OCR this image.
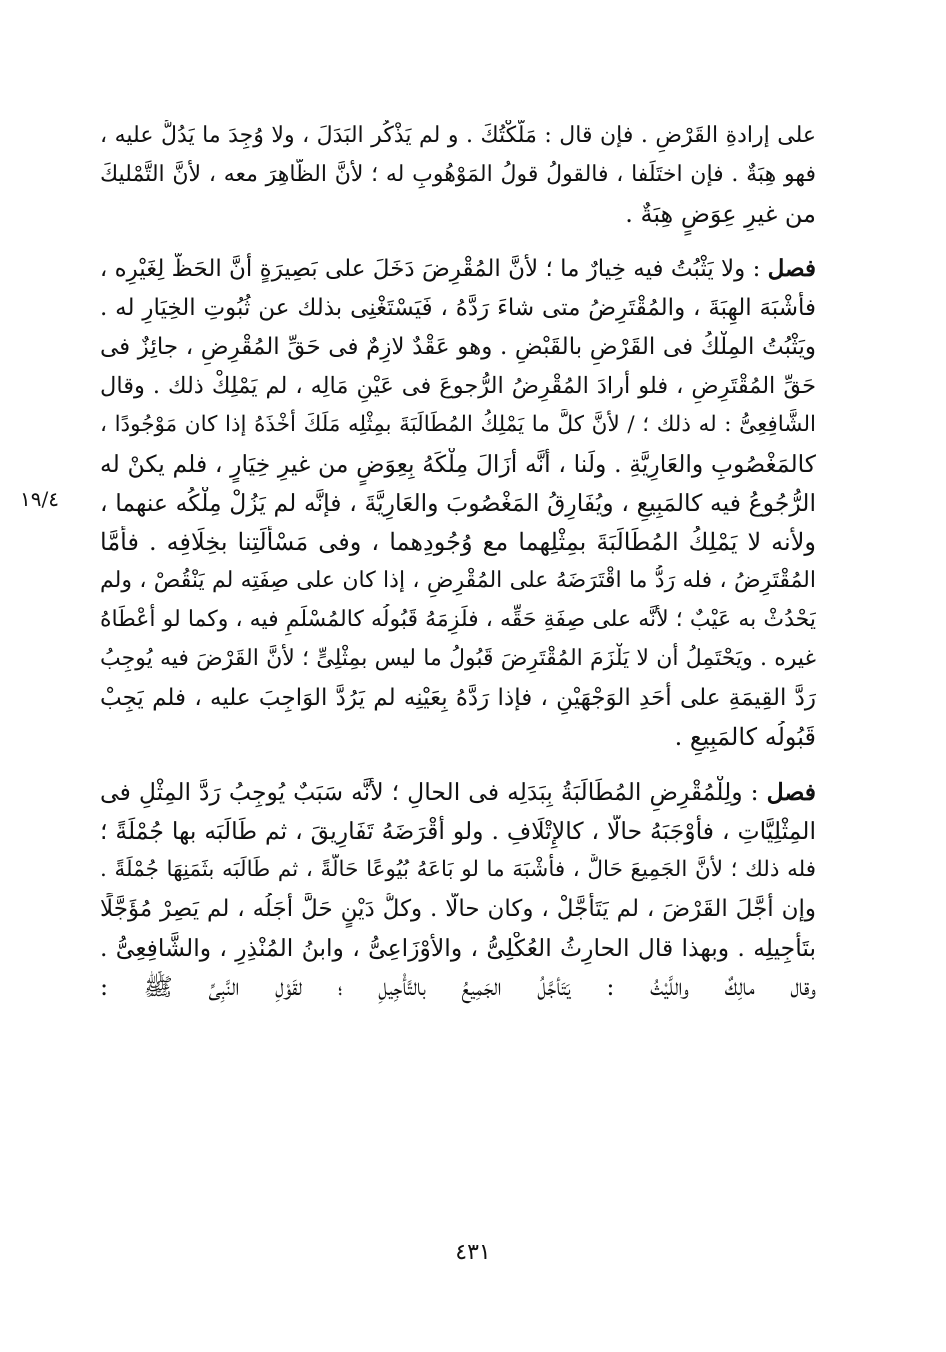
على إرادةِ القَرْضِ . فإن قال : مَلَّكْتُكَ . و لم يَذْكُر البَدَلَ ، ولا وُجِدَ ما يَدُلُّ عليه ،
فهو هِبَةٌ . فإن اختَلَفا ، فالقولُ قولُ المَوْهُوبِ له ؛ لأنَّ الظَّاهِرَ معه ، لأنَّ التَّمْليكَ
من غيرِ عِوَضٍ هِبَةٌ .
فصل : ولا يَثْبُتُ فيه خِيارٌ ما ؛ لأنَّ المُقْرِضَ دَخَلَ على بَصِيرَةٍ أنَّ الحَظَّ لِغَيْرِه ،
فأشْبَهَ الهِبَةَ ، والمُقْتَرِضُ متى شاءَ رَدَّهُ ، فَيَسْتَغْنِى بذلك عن ثُبُوتِ الخِيَارِ له .
ويَثْبُتُ المِلْكُ فى القَرْضِ بالقَبْضِ . وهو عَقْدٌ لازِمٌ فى حَقِّ المُقْرِضِ ، جائِزٌ فى
حَقِّ المُقْتَرِضِ ، فلو أرادَ المُقْرِضُ الرُّجوعَ فى عَيْنِ مَالِه ، لم يَمْلِكْ ذلك . وقال
الشَّافِعِىُّ : له ذلك ؛ / لأنَّ كلَّ ما يَمْلِكُ المُطَالَبَةَ بمِثْلِه مَلَكَ أخْذَهُ إذا كان مَوْجُودًا ،
كالمَغْصُوبِ والعَارِيَّةِ . ولَنا ، أنَّه أزَالَ مِلْكَهُ بِعِوَضٍ من غيرِ خِيَارٍ ، فلم يكنْ له
الرُّجُوعُ فيه كالمَبِيعِ ، ويُفَارِقُ المَغْصُوبَ والعَارِيَّةَ ، فإنَّه لم يَزُلْ مِلْكُه عنهما ،
ولأنه لا يَمْلِكُ المُطَالَبَةَ بمِثْلِهما مع وُجُودِهما ، وفى مَسْألَتِنا بخِلَافِه . فأمَّا
المُقْتَرِضُ ، فله رَدُّ ما اقْتَرَضَهُ على المُقْرِضِ ، إذا كان على صِفَتِه لم يَنْقُصْ ، ولم
يَحْدُثْ به عَيْبٌ ؛ لأنَّه على صِفَةِ حَقِّه ، فلَزِمَهُ قَبُولُه كالمُسْلَمِ فيه ، وكما لو أعْطَاهُ
غيره . ويَحْتَمِلُ أن لا يَلْزَمَ المُقْتَرِضَ قَبُولُ ما ليس بمِثْلِىٍّ ؛ لأنَّ القَرْضَ فيه يُوجِبُ
رَدَّ القِيمَةِ على أحَدِ الوَجْهَيْنِ ، فإذا رَدَّهُ بِعَيْنِه لم يَرُدَّ الوَاجِبَ عليه ، فلم يَجِبْ
قَبُولُه كالمَبِيعِ .
فصل : ولِلْمُقْرِضِ المُطَالَبَةُ بِبَدَلِه فى الحالِ ؛ لأنَّه سَبَبٌ يُوجِبُ رَدَّ المِثْلِ فى
المِثْلِيَّاتِ ، فأوْجَبَهُ حالًّا ، كالإِتْلَافِ . ولو أقْرَضَهُ تَفَارِيقَ ، ثم طَالَبَه بها جُمْلَةً ؛
فله ذلك ؛ لأنَّ الجَمِيعَ حَالٌّ ، فأشْبَهَ ما لو بَاعَهُ بُيُوعًا حَالَّةً ، ثم طَالَبَه بثَمَنِهَا جُمْلَةً .
وإن أجَّلَ القَرْضَ ، لم يَتَأجَّلْ ، وكان حالًّا . وكلُّ دَيْنٍ حَلَّ أجَلُه ، لم يَصِرْ مُؤَجَّلًا
بتَأْجِيلِه . وبهذا قال الحارِثُ العُكْلِىُّ ، والأوْزَاعِىُّ ، وابنُ المُنْذِرِ ، والشَّافِعِىُّ .
وقال مالِكٌ واللَّيْثُ : يَتَأجَّلُ الجَمِيعُ بالتَّأْجِيلِ ؛ لقَوْلِ النَّبِىِّ ﷺ :
١٩/٤
٤٣١
